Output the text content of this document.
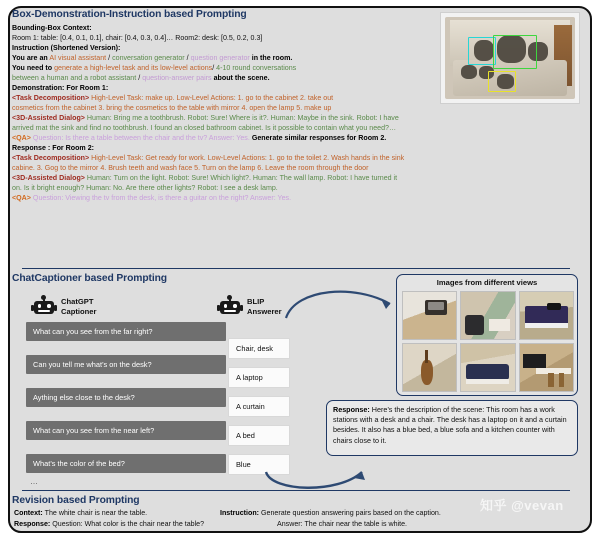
Box-Demonstration-Instruction based Prompting
Bounding-Box Context:
Room 1: table: [0.4, 0.1, 0.1], chair: [0.4, 0.3, 0.4]… Room2: desk: [0.5, 0.2, 0.3]
Instruction (Shortened Version):
You are an AI visual assistant / conversation generator / question generator in the room.
You need to generate a high-level task and its low-level actions/ 4-10 round conversations
between a human and a robot assistant / question-answer pairs about the scene.
Demonstration: For Room 1:
<Task Decomposition> High-Level Task: make up. Low-Level Actions: 1. go to the cabinet 2. take out
cosmetics from the cabinet 3. bring the cosmetics to the table with mirror 4. open the lamp 5. make up
<3D-Assisted Dialog> Human: Bring me a toothbrush. Robot: Sure! Where is it?. Human: Maybe in the sink. Robot: I have
arrived mat the sink and find no toothbrush. I found an closed bathroom cabinet. Is it possible to contain what you need?…
<QA> Question: Is there a table between the chair and the tv? Answer: Yes. Generate similar responses for Room 2.
Response : For Room 2:
<Task Decomposition> High-Level Task: Get ready for work. Low-Level Actions: 1. go to the toilet 2. Wash hands in the sink
cabine. 3. Gog to the mirror 4. Brush teeth and wash face 5. Turn on the lamp 6. Leave the room through the door
<3D-Assisted Dialog> Human: Turn on the light. Robot: Sure! Which light?. Human: The wall lamp. Robot: I have turned it
on. Is it bright enough? Human: No. Are there other lights? Robot: I see a desk lamp.
<QA> Question: Viewing the tv from the desk, is there a guitar on the right? Answer: Yes.
ChatCaptioner based Prompting
ChatGPT
Captioner
BLIP
Answerer
What can you see from the far right?
Can you tell me what’s on the desk?
Aything else close to the desk?
What can you see from the near left?
What’s the color of the bed?
…
Chair, desk
A laptop
A curtain
A bed
Blue
Images from different views
Response: Here’s the description of the scene: This room has a work stations with a desk and a chair. The desk has a laptop on it and a curtain besides. It also has a blue bed, a blue sofa and a kitchen counter with chairs close to it.
Revision based Prompting
Context: The white chair is near the table.	Instruction: Generate question answering pairs based on the caption.
Response: Question: What color is the chair near the table?	Answer: The chair near the table is white.
知乎 @vevan
